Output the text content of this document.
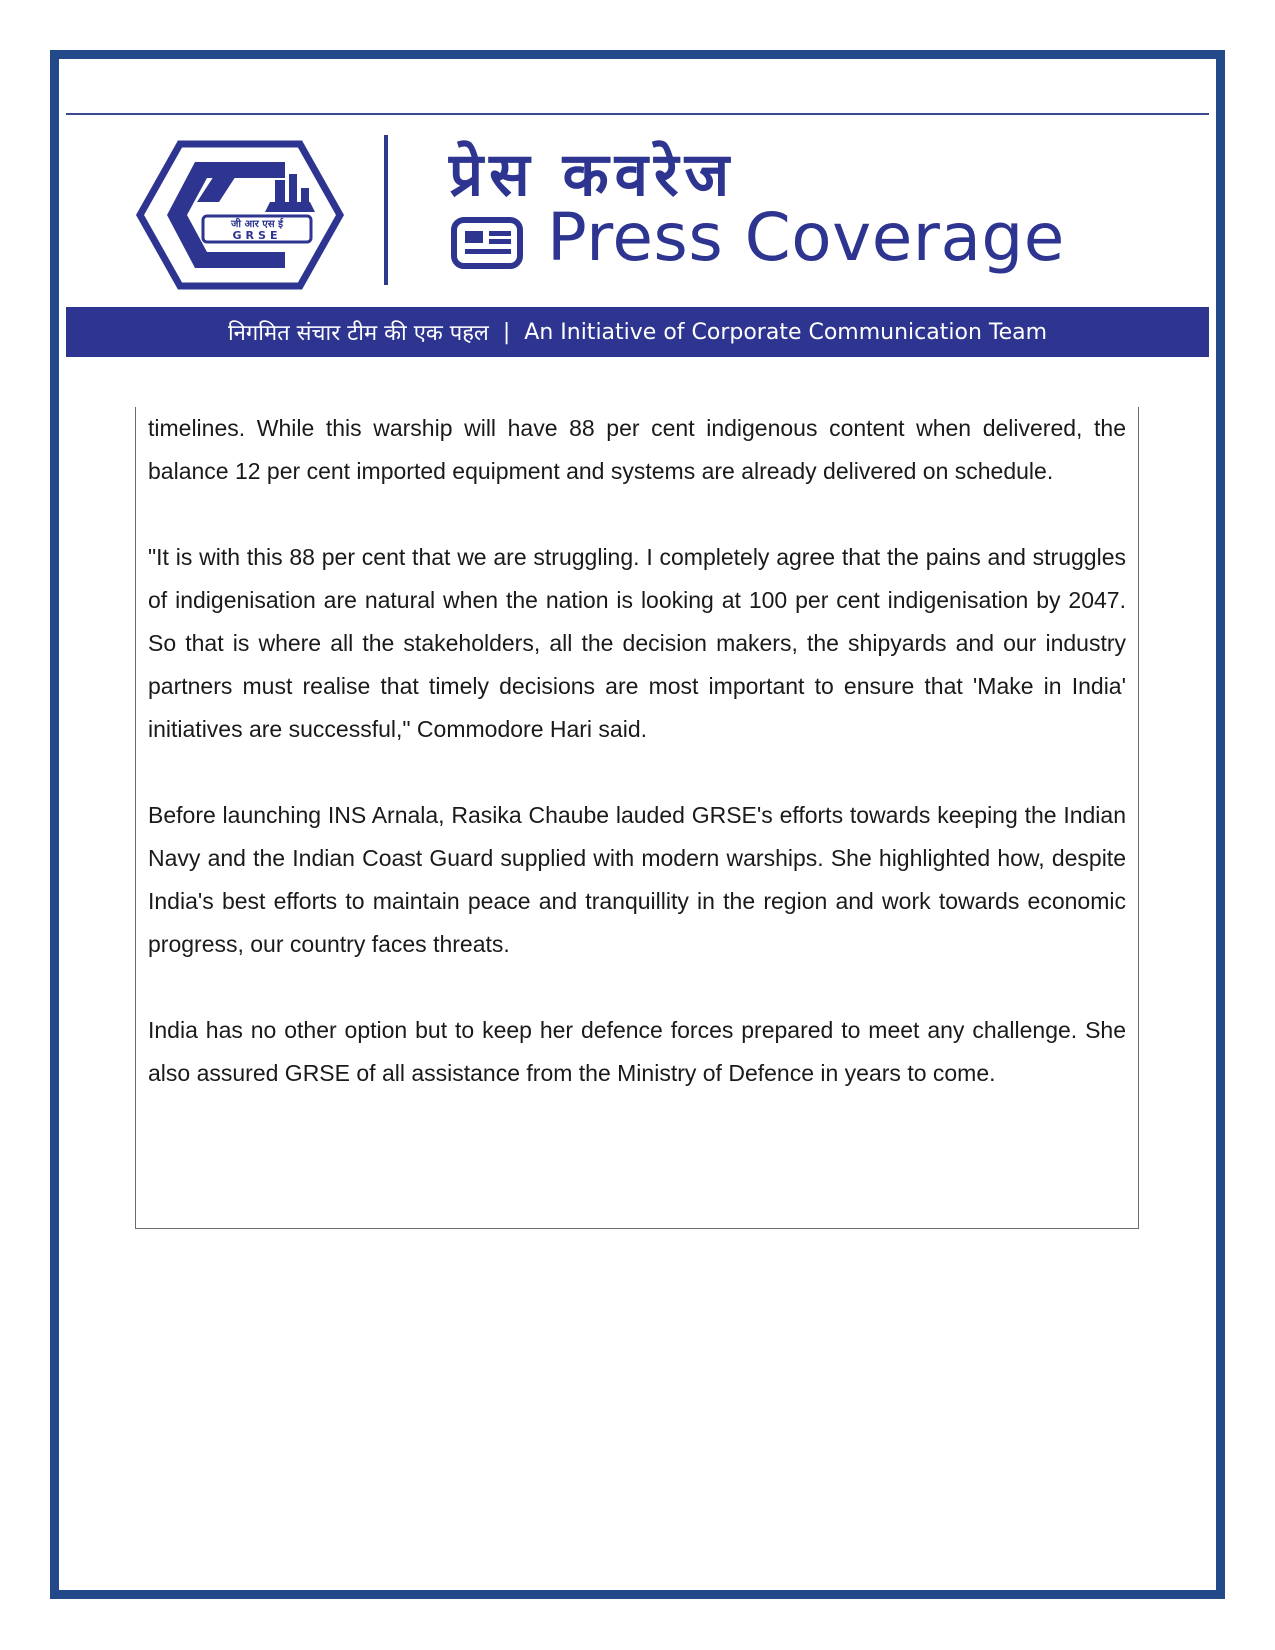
जी आर एस ई
GRSE
प्रेस कवरेज
Press Coverage
निगमित संचार टीम की एक पहल | An Initiative of Corporate Communication Team

timelines. While this warship will have 88 per cent indigenous content when delivered, the balance 12 per cent imported equipment and systems are already delivered on schedule.

"It is with this 88 per cent that we are struggling. I completely agree that the pains and struggles of indigenisation are natural when the nation is looking at 100 per cent indigenisation by 2047. So that is where all the stakeholders, all the decision makers, the shipyards and our industry partners must realise that timely decisions are most important to ensure that 'Make in India' initiatives are successful," Commodore Hari said.

Before launching INS Arnala, Rasika Chaube lauded GRSE's efforts towards keeping the Indian Navy and the Indian Coast Guard supplied with modern warships. She highlighted how, despite India's best efforts to maintain peace and tranquillity in the region and work towards economic progress, our country faces threats.

India has no other option but to keep her defence forces prepared to meet any challenge. She also assured GRSE of all assistance from the Ministry of Defence in years to come.
